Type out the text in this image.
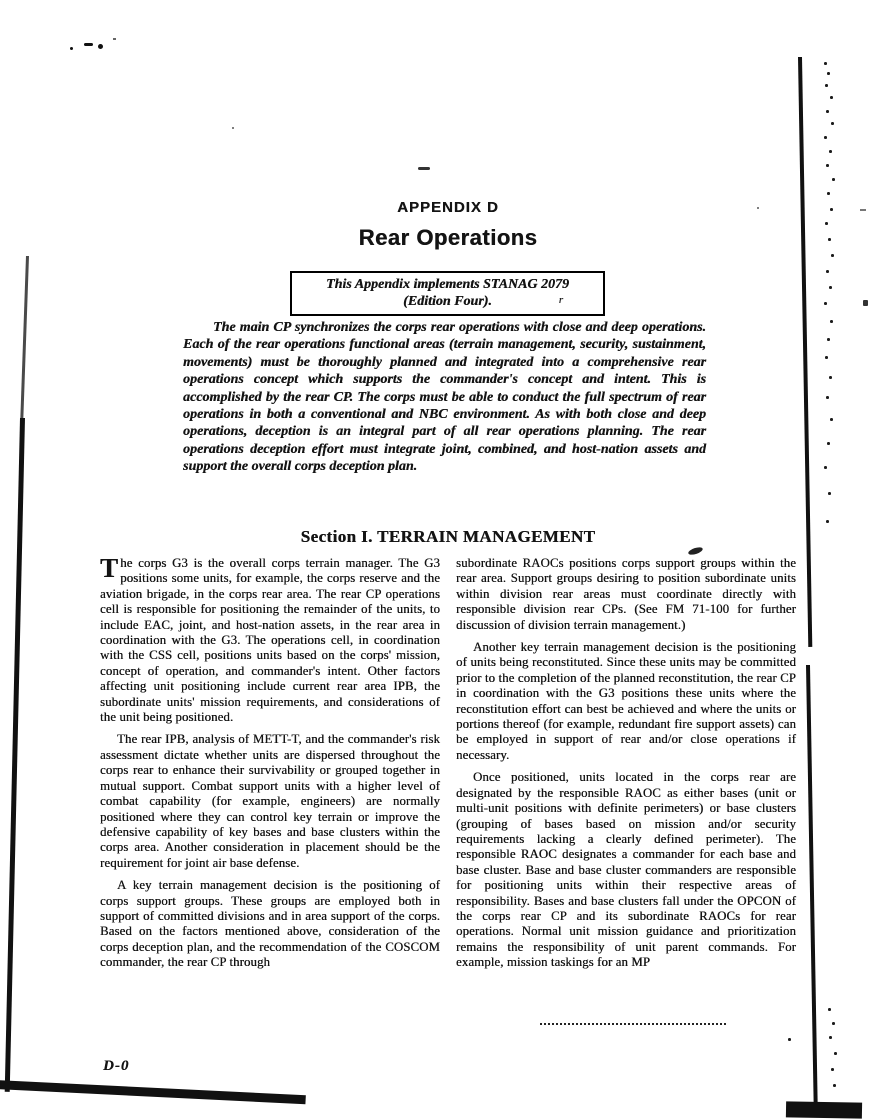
APPENDIX D
Rear Operations
This Appendix implements STANAG 2079
(Edition Four).	r
The main CP synchronizes the corps rear operations with close and deep operations. Each of the rear operations functional areas (terrain management, security, sustainment, movements) must be thoroughly planned and integrated into a comprehensive rear operations concept which supports the commander's concept and intent. This is accomplished by the rear CP. The corps must be able to conduct the full spectrum of rear operations in both a conventional and NBC environment. As with both close and deep operations, deception is an integral part of all rear operations planning. The rear operations deception effort must integrate joint, combined, and host-nation assets and support the overall corps deception plan.
Section I. TERRAIN MANAGEMENT

The corps G3 is the overall corps terrain manager. The G3 positions some units, for example, the corps reserve and the aviation brigade, in the corps rear area. The rear CP operations cell is responsible for positioning the remainder of the units, to include EAC, joint, and host-nation assets, in the rear area in coordination with the G3. The operations cell, in coordination with the CSS cell, positions units based on the corps' mission, concept of operation, and commander's intent. Other factors affecting unit positioning include current rear area IPB, the subordinate units' mission requirements, and considerations of the unit being positioned.

The rear IPB, analysis of METT-T, and the commander's risk assessment dictate whether units are dispersed throughout the corps rear to enhance their survivability or grouped together in mutual support. Combat support units with a higher level of combat capability (for example, engineers) are normally positioned where they can control key terrain or improve the defensive capability of key bases and base clusters within the corps area. Another consideration in placement should be the requirement for joint air base defense.

A key terrain management decision is the positioning of corps support groups. These groups are employed both in support of committed divisions and in area support of the corps. Based on the factors mentioned above, consideration of the corps deception plan, and the recommendation of the COSCOM commander, the rear CP through

subordinate RAOCs positions corps support groups within the rear area. Support groups desiring to position subordinate units within division rear areas must coordinate directly with responsible division rear CPs. (See FM 71-100 for further discussion of division terrain management.)

Another key terrain management decision is the positioning of units being reconstituted. Since these units may be committed prior to the completion of the planned reconstitution, the rear CP in coordination with the G3 positions these units where the reconstitution effort can best be achieved and where the units or portions thereof (for example, redundant fire support assets) can be employed in support of rear and/or close operations if necessary.

Once positioned, units located in the corps rear are designated by the responsible RAOC as either bases (unit or multi-unit positions with definite perimeters) or base clusters (grouping of bases based on mission and/or security requirements lacking a clearly defined perimeter). The responsible RAOC designates a commander for each base and base cluster. Base and base cluster commanders are responsible for positioning units within their respective areas of responsibility. Bases and base clusters fall under the OPCON of the corps rear CP and its subordinate RAOCs for rear operations. Normal unit mission guidance and prioritization remains the responsibility of unit parent commands. For example, mission taskings for an MP

D-0
